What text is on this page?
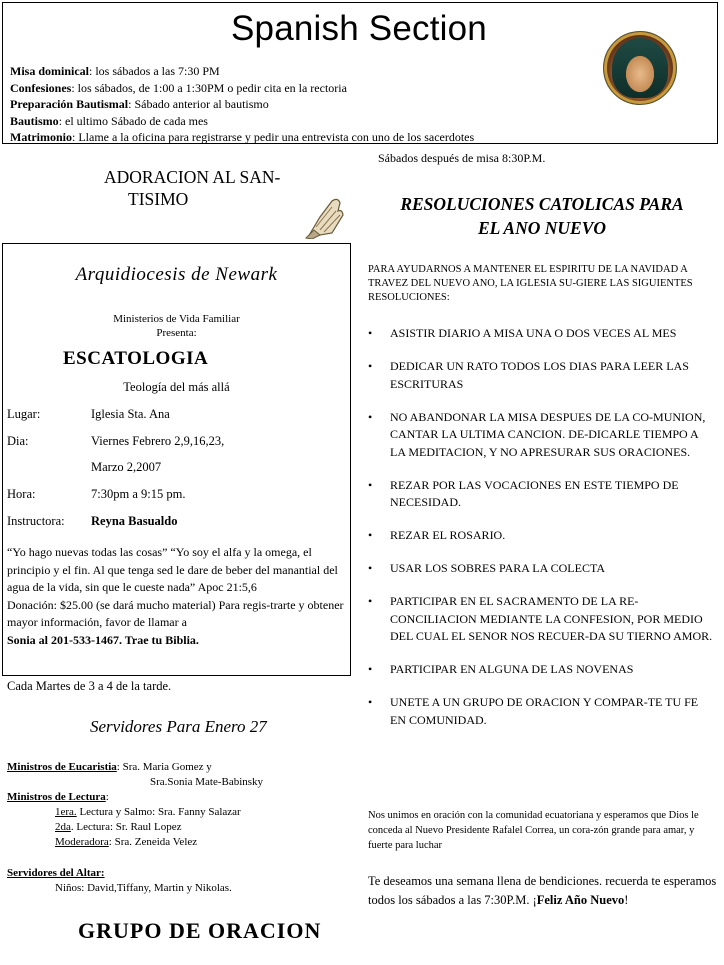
Spanish Section
Misa dominical: los sábados a las 7:30 PM
Confesiones: los sábados, de 1:00 a 1:30PM o pedir cita en la rectoria
Preparación Bautismal: Sábado anterior al bautismo
Bautismo: el ultimo Sábado de cada mes
Matrimonio: Llame a la oficina para registrarse y pedir una entrevista con uno de los sacerdotes
Sábados después de misa 8:30P.M.
ADORACION AL SAN-
TISIMO
Arquidiocesis de Newark
Ministerios de Vida Familiar
Presenta:
ESCATOLOGIA
Teología del más allá
Lugar:	Iglesia Sta. Ana
Dia:	Viernes Febrero 2,9,16,23,
Marzo 2,2007
Hora:	7:30pm a 9:15 pm.
Instructora: Reyna Basualdo
“Yo hago nuevas todas las cosas” “Yo soy el alfa y la omega, el principio y el fin. Al que tenga sed le dare de beber del manantial del agua de la vida, sin que le cueste nada” Apoc 21:5,6
Donación: $25.00 (se dará mucho material) Para regis-trarte y obtener mayor información, favor de llamar a
Sonia al 201-533-1467. Trae tu Biblia.
Cada Martes de 3 a 4 de la tarde.
Servidores Para Enero 27
Ministros de Eucaristia: Sra. Maria Gomez y
Sra.Sonia Mate-Babinsky
Ministros de Lectura:
1era. Lectura y Salmo: Sra. Fanny Salazar
2da. Lectura: Sr. Raul Lopez
Moderadora: Sra. Zeneida Velez
Servidores del Altar:
Niños: David,Tiffany, Martin y Nikolas.
GRUPO DE ORACION
RESOLUCIONES CATOLICAS PARA
EL ANO NUEVO
PARA AYUDARNOS A MANTENER EL ESPIRITU DE LA NAVIDAD A TRAVEZ DEL NUEVO ANO, LA IGLESIA SU-GIERE LAS SIGUIENTES RESOLUCIONES:
• ASISTIR DIARIO A MISA UNA O DOS VECES AL MES
• DEDICAR UN RATO TODOS LOS DIAS PARA LEER LAS ESCRITURAS
• NO ABANDONAR LA MISA DESPUES DE LA CO-MUNION, CANTAR LA ULTIMA CANCION. DE-DICARLE TIEMPO A LA MEDITACION, Y NO APRESURAR SUS ORACIONES.
• REZAR POR LAS VOCACIONES EN ESTE TIEMPO DE NECESIDAD.
• REZAR EL ROSARIO.
• USAR LOS SOBRES PARA LA COLECTA
• PARTICIPAR EN EL SACRAMENTO DE LA RE-CONCILIACION MEDIANTE LA CONFESION, POR MEDIO DEL CUAL EL SENOR NOS RECUER-DA SU TIERNO AMOR.
• PARTICIPAR EN ALGUNA DE LAS NOVENAS
• UNETE A UN GRUPO DE ORACION Y COMPAR-TE TU FE EN COMUNIDAD.
Nos unimos en oración con la comunidad ecuatoriana y esperamos que Dios le conceda al Nuevo Presidente Rafalel Correa, un cora-zón grande para amar, y fuerte para luchar
Te deseamos una semana llena de bendiciones. recuerda te esperamos todos los sábados a las 7:30P.M. ¡Feliz Año Nuevo!
